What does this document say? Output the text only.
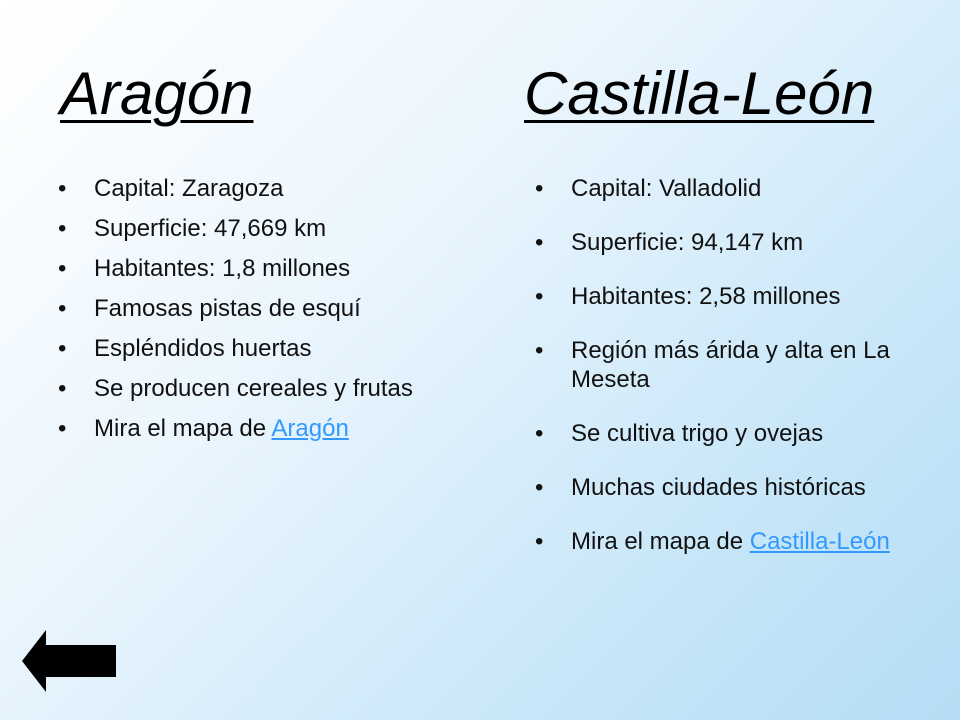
Aragón	Castilla-León
• Capital: Zaragoza
• Superficie: 47,669 km
• Habitantes: 1,8 millones
• Famosas pistas de esquí
• Espléndidos huertas
• Se producen cereales y frutas
• Mira el mapa de Aragón
• Capital: Valladolid
• Superficie: 94,147 km
• Habitantes: 2,58 millones
• Región más árida y alta en La Meseta
• Se cultiva trigo y ovejas
• Muchas ciudades históricas
• Mira el mapa de Castilla-León
